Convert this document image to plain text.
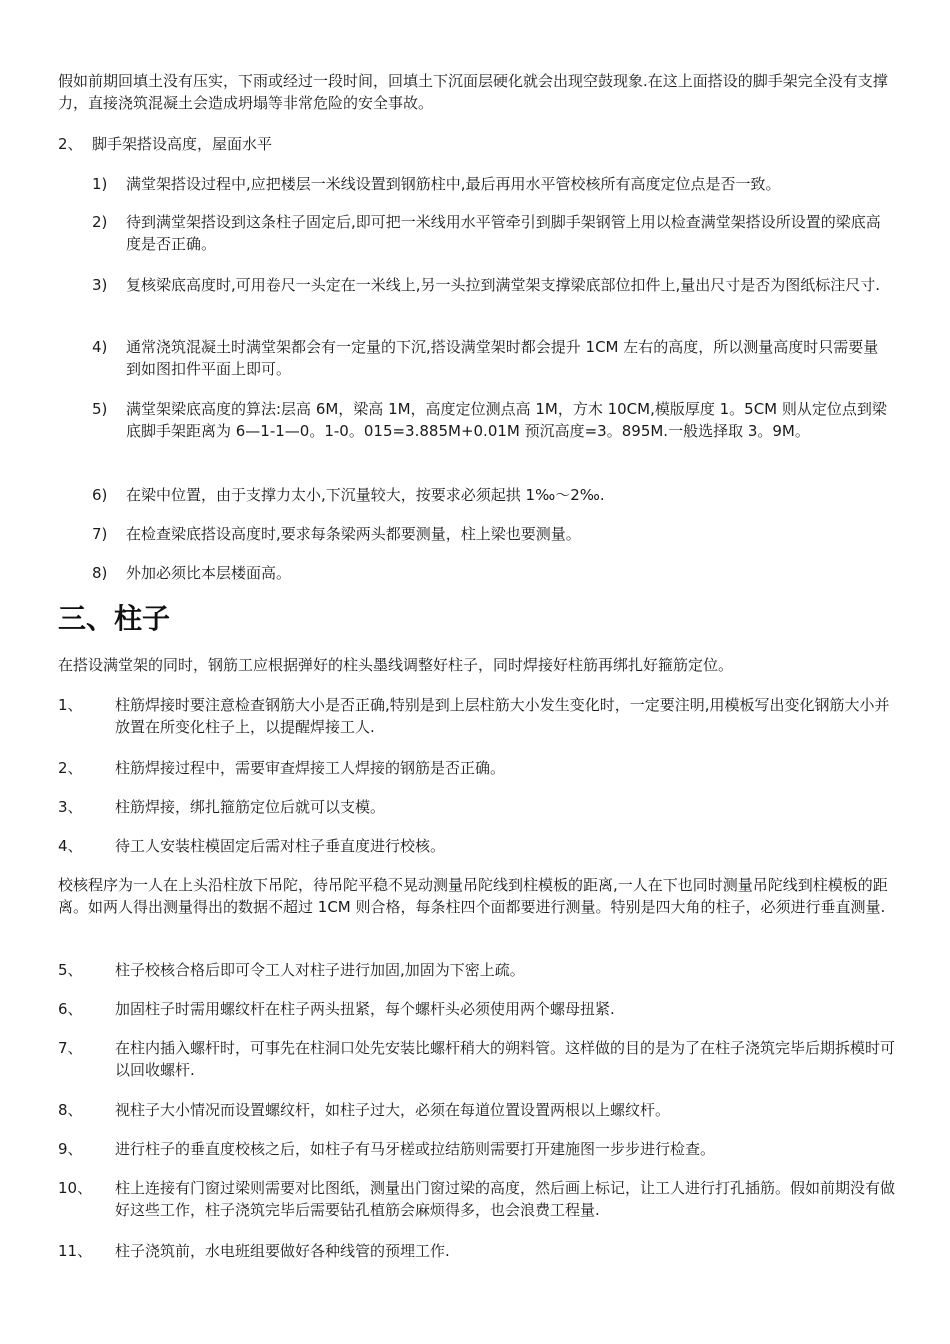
假如前期回填土没有压实，下雨或经过一段时间，回填土下沉面层硬化就会出现空鼓现象.在这上面搭设的脚手架完全没有支撑力，直接浇筑混凝土会造成坍塌等非常危险的安全事故。

2、 脚手架搭设高度，屋面水平
1)	满堂架搭设过程中,应把楼层一米线设置到钢筋柱中,最后再用水平管校核所有高度定位点是否一致。
2)	待到满堂架搭设到这条柱子固定后,即可把一米线用水平管牵引到脚手架钢管上用以检查满堂架搭设所设置的梁底高度是否正确。
3)	复核梁底高度时,可用卷尺一头定在一米线上,另一头拉到满堂架支撑梁底部位扣件上,量出尺寸是否为图纸标注尺寸.
4)	通常浇筑混凝土时满堂架都会有一定量的下沉,搭设满堂架时都会提升 1CM 左右的高度，所以测量高度时只需要量到如图扣件平面上即可。
5)	满堂架梁底高度的算法:层高 6M，梁高 1M，高度定位测点高 1M，方木 10CM,模版厚度 1。5CM 则从定位点到梁底脚手架距离为 6—1-1—0。1-0。015=3.885M+0.01M 预沉高度=3。895M.一般选择取 3。9M。
6)	在梁中位置，由于支撑力太小,下沉量较大，按要求必须起拱 1‰～2‰.
7)	在检查梁底搭设高度时,要求每条梁两头都要测量，柱上梁也要测量。
8)	外加必须比本层楼面高。
三、柱子

在搭设满堂架的同时，钢筋工应根据弹好的柱头墨线调整好柱子，同时焊接好柱筋再绑扎好箍筋定位。

1、	柱筋焊接时要注意检查钢筋大小是否正确,特别是到上层柱筋大小发生变化时，一定要注明,用模板写出变化钢筋大小并放置在所变化柱子上，以提醒焊接工人.
2、	柱筋焊接过程中，需要审查焊接工人焊接的钢筋是否正确。
3、	柱筋焊接，绑扎箍筋定位后就可以支模。
4、	待工人安装柱模固定后需对柱子垂直度进行校核。

校核程序为一人在上头沿柱放下吊陀，待吊陀平稳不晃动测量吊陀线到柱模板的距离,一人在下也同时测量吊陀线到柱模板的距离。如两人得出测量得出的数据不超过 1CM 则合格，每条柱四个面都要进行测量。特别是四大角的柱子，必须进行垂直测量.

5、	柱子校核合格后即可令工人对柱子进行加固,加固为下密上疏。
6、	加固柱子时需用螺纹杆在柱子两头扭紧，每个螺杆头必须使用两个螺母扭紧.
7、	在柱内插入螺杆时，可事先在柱洞口处先安装比螺杆稍大的朔料管。这样做的目的是为了在柱子浇筑完毕后期拆模时可以回收螺杆.
8、	视柱子大小情况而设置螺纹杆，如柱子过大，必须在每道位置设置两根以上螺纹杆。
9、	进行柱子的垂直度校核之后，如柱子有马牙槎或拉结筋则需要打开建施图一步步进行检查。
10、	柱上连接有门窗过梁则需要对比图纸，测量出门窗过梁的高度，然后画上标记，让工人进行打孔插筋。假如前期没有做好这些工作，柱子浇筑完毕后需要钻孔植筋会麻烦得多，也会浪费工程量.
11、	柱子浇筑前，水电班组要做好各种线管的预埋工作.
